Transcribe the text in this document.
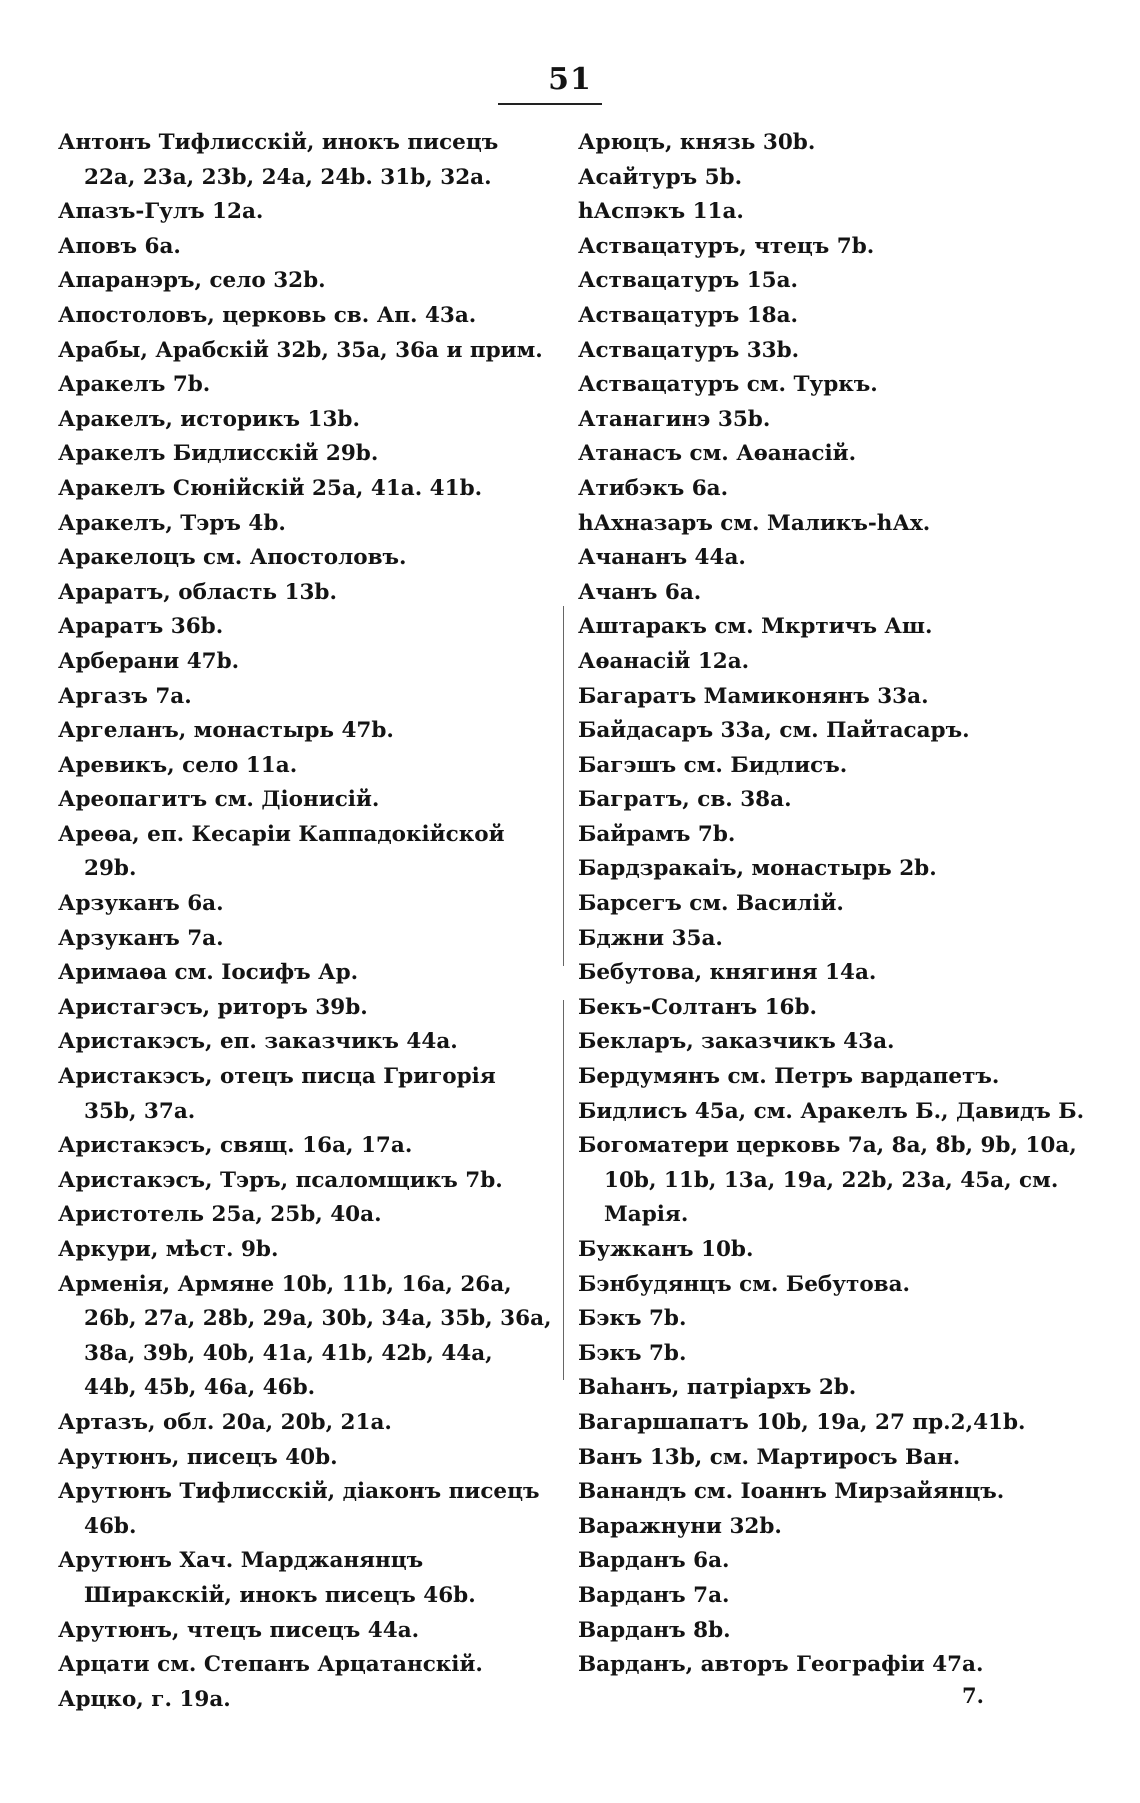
51
Антонъ Тифлисскій, инокъ писецъ 22а, 23а, 23b, 24а, 24b. 31b, 32а.
Апазъ-Гулъ 12а.
Аповъ 6а.
Апаранэръ, село 32b.
Апостоловъ, церковь св. Ап. 43а.
Арабы, Арабскій 32b, 35а, 36а и прим.
Аракелъ 7b.
Аракелъ, историкъ 13b.
Аракелъ Бидлисскій 29b.
Аракелъ Сюнійскій 25а, 41а. 41b.
Аракелъ, Тэръ 4b.
Аракелоцъ см. Апостоловъ.
Араратъ, область 13b.
Араратъ 36b.
Арберани 47b.
Аргазъ 7а.
Аргеланъ, монастырь 47b.
Аревикъ, село 11а.
Ареопагитъ см. Діонисій.
Ареѳа, еп. Кесаріи Каппадокійской 29b.
Арзуканъ 6а.
Арзуканъ 7а.
Аримаѳа см. Іосифъ Ар.
Аристагэсъ, риторъ 39b.
Аристакэсъ, еп. заказчикъ 44а.
Аристакэсъ, отецъ писца Григорія 35b, 37а.
Аристакэсъ, свящ. 16а, 17а.
Аристакэсъ, Тэръ, псаломщикъ 7b.
Аристотель 25а, 25b, 40а.
Аркури, мѣст. 9b.
Арменія, Армяне 10b, 11b, 16а, 26а, 26b, 27а, 28b, 29а, 30b, 34а, 35b, 36а, 38а, 39b, 40b, 41а, 41b, 42b, 44а, 44b, 45b, 46а, 46b.
Артазъ, обл. 20а, 20b, 21а.
Арутюнъ, писецъ 40b.
Арутюнъ Тифлисскій, діаконъ писецъ 46b.
Арутюнъ Хач. Марджанянцъ Ширакскій, инокъ писецъ 46b.
Арутюнъ, чтецъ писецъ 44а.
Арцати см. Степанъ Арцатанскій.
Арцко, г. 19а.
Арюцъ, князь 30b.
Асайтуръ 5b.
hАспэкъ 11а.
Аствацатуръ, чтецъ 7b.
Аствацатуръ 15а.
Аствацатуръ 18а.
Аствацатуръ 33b.
Аствацатуръ см. Туркъ.
Атанагинэ 35b.
Атанасъ см. Аѳанасій.
Атибэкъ 6а.
hАхназаръ см. Маликъ-hАх.
Ачананъ 44а.
Ачанъ 6а.
Аштаракъ см. Мкртичъ Аш.
Аѳанасій 12а.
Багаратъ Мамиконянъ 33а.
Байдасаръ 33а, см. Пайтасаръ.
Багэшъ см. Бидлисъ.
Багратъ, св. 38а.
Байрамъ 7b.
Бардзракаіъ, монастырь 2b.
Барсегъ см. Василій.
Бджни 35а.
Бебутова, княгиня 14а.
Бекъ-Солтанъ 16b.
Бекларъ, заказчикъ 43а.
Бердумянъ см. Петръ вардапетъ.
Бидлисъ 45а, см. Аракелъ Б., Давидъ Б.
Богоматери церковь 7а, 8а, 8b, 9b, 10а, 10b, 11b, 13а, 19а, 22b, 23а, 45а, см. Марія.
Бужканъ 10b.
Бэнбудянцъ см. Бебутова.
Бэкъ 7b.
Бэкъ 7b.
Ваһанъ, патріархъ 2b.
Вагаршапатъ 10b, 19а, 27 пр.2,41b.
Ванъ 13b, см. Мартиросъ Ван.
Ванандъ см. Іоаннъ Мирзайянцъ.
Варажнуни 32b.
Варданъ 6а.
Варданъ 7а.
Варданъ 8b.
Варданъ, авторъ Географіи 47а.
7.
